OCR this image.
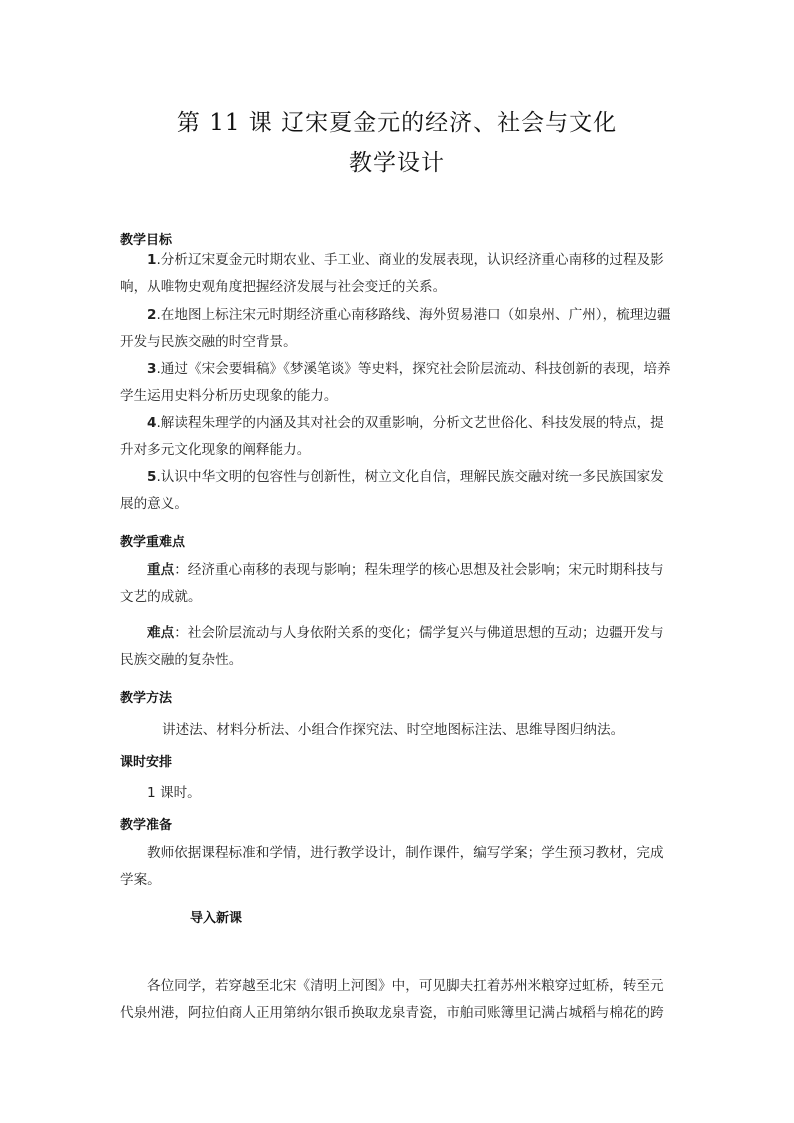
第 11 课 辽宋夏金元的经济、社会与文化
教学设计
教学目标
1.分析辽宋夏金元时期农业、手工业、商业的发展表现，认识经济重心南移的过程及影响，从唯物史观角度把握经济发展与社会变迁的关系。
2.在地图上标注宋元时期经济重心南移路线、海外贸易港口（如泉州、广州），梳理边疆开发与民族交融的时空背景。
3.通过《宋会要辑稿》《梦溪笔谈》等史料，探究社会阶层流动、科技创新的表现，培养学生运用史料分析历史现象的能力。
4.解读程朱理学的内涵及其对社会的双重影响，分析文艺世俗化、科技发展的特点，提升对多元文化现象的阐释能力。
5.认识中华文明的包容性与创新性，树立文化自信，理解民族交融对统一多民族国家发展的意义。
教学重难点
重点：经济重心南移的表现与影响；程朱理学的核心思想及社会影响；宋元时期科技与文艺的成就。
难点：社会阶层流动与人身依附关系的变化；儒学复兴与佛道思想的互动；边疆开发与民族交融的复杂性。
教学方法
讲述法、材料分析法、小组合作探究法、时空地图标注法、思维导图归纳法。
课时安排
1 课时。
教学准备
教师依据课程标准和学情，进行教学设计，制作课件，编写学案；学生预习教材，完成学案。
导入新课
各位同学，若穿越至北宋《清明上河图》中，可见脚夫扛着苏州米粮穿过虹桥，转至元代泉州港，阿拉伯商人正用第纳尔银币换取龙泉青瓷，市舶司账簿里记满占城稻与棉花的跨
